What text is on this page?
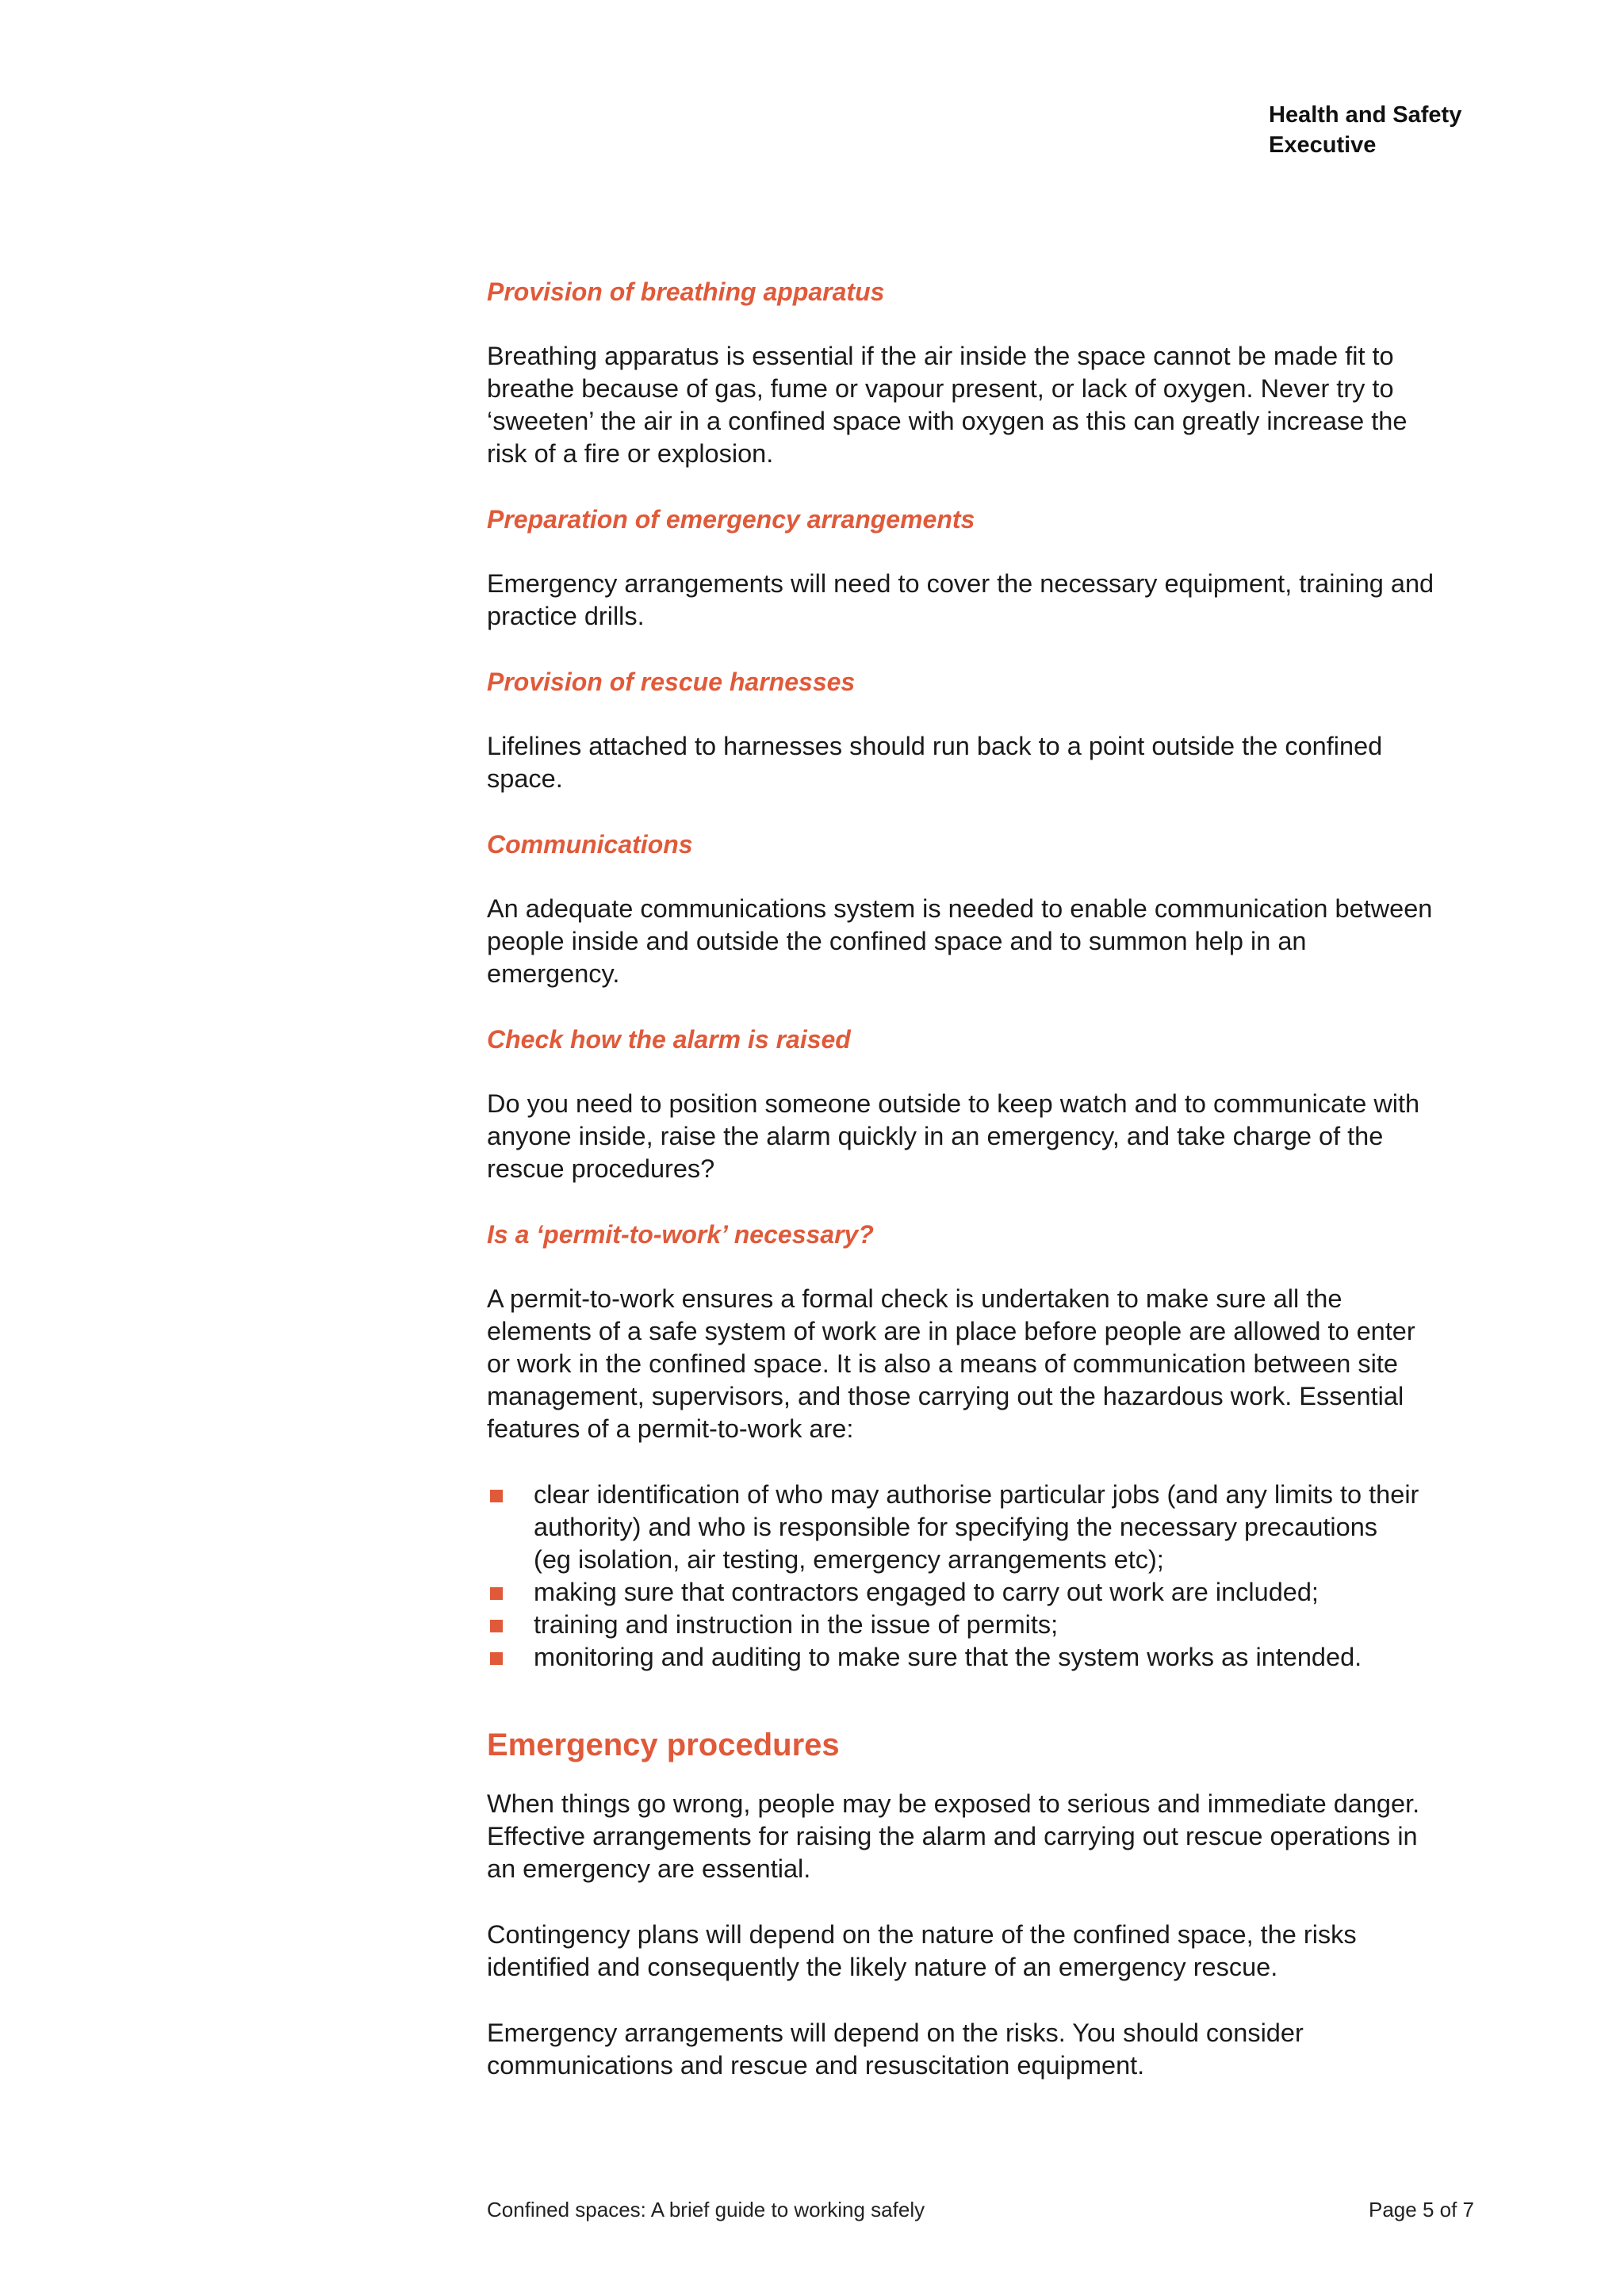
Health and Safety
Executive
Provision of breathing apparatus

Breathing apparatus is essential if the air inside the space cannot be made fit to
breathe because of gas, fume or vapour present, or lack of oxygen. Never try to
‘sweeten’ the air in a confined space with oxygen as this can greatly increase the
risk of a fire or explosion.

Preparation of emergency arrangements

Emergency arrangements will need to cover the necessary equipment, training and
practice drills.

Provision of rescue harnesses

Lifelines attached to harnesses should run back to a point outside the confined
space.

Communications

An adequate communications system is needed to enable communication between
people inside and outside the confined space and to summon help in an
emergency.

Check how the alarm is raised

Do you need to position someone outside to keep watch and to communicate with
anyone inside, raise the alarm quickly in an emergency, and take charge of the
rescue procedures?

Is a ‘permit-to-work’ necessary?

A permit-to-work ensures a formal check is undertaken to make sure all the
elements of a safe system of work are in place before people are allowed to enter
or work in the confined space. It is also a means of communication between site
management, supervisors, and those carrying out the hazardous work. Essential
features of a permit-to-work are:

clear identification of who may authorise particular jobs (and any limits to their
authority) and who is responsible for specifying the necessary precautions
(eg isolation, air testing, emergency arrangements etc);
making sure that contractors engaged to carry out work are included;
training and instruction in the issue of permits;
monitoring and auditing to make sure that the system works as intended.
Emergency procedures

When things go wrong, people may be exposed to serious and immediate danger.
Effective arrangements for raising the alarm and carrying out rescue operations in
an emergency are essential.

Contingency plans will depend on the nature of the confined space, the risks
identified and consequently the likely nature of an emergency rescue.

Emergency arrangements will depend on the risks. You should consider
communications and rescue and resuscitation equipment.

Confined spaces: A brief guide to working safely	Page 5 of 7
